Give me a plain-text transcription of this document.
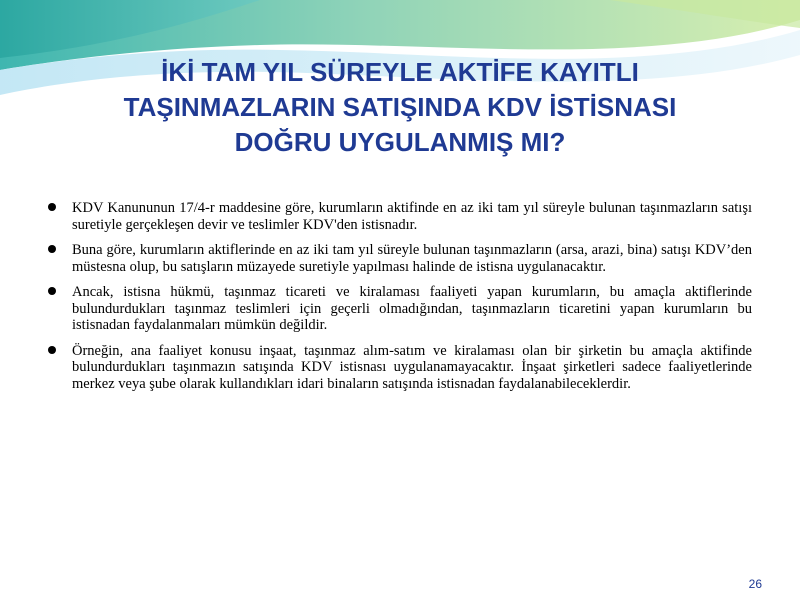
İKİ TAM YIL SÜREYLE AKTİFE KAYITLI
TAŞINMAZLARIN SATIŞINDA KDV İSTİSNASI
DOĞRU UYGULANMIŞ MI?
KDV Kanununun 17/4-r maddesine göre, kurumların aktifinde en az iki tam yıl süreyle bulunan taşınmazların satışı suretiyle gerçekleşen devir ve teslimler KDV'den istisnadır.
Buna göre, kurumların aktiflerinde en az iki tam yıl süreyle bulunan taşınmazların (arsa, arazi, bina) satışı KDV’den müstesna olup, bu satışların müzayede suretiyle yapılması halinde de istisna uygulanacaktır.
Ancak, istisna hükmü, taşınmaz ticareti ve kiralaması faaliyeti yapan kurumların, bu amaçla aktiflerinde bulundurdukları taşınmaz teslimleri için geçerli olmadığından, taşınmazların ticaretini yapan kurumların bu istisnadan faydalanmaları mümkün değildir.
Örneğin, ana faaliyet konusu inşaat, taşınmaz alım-satım ve kiralaması olan bir şirketin bu amaçla aktifinde bulundurdukları taşınmazın satışında KDV istisnası uygulanamayacaktır. İnşaat şirketleri sadece faaliyetlerinde merkez veya şube olarak kullandıkları idari binaların satışında istisnadan faydalanabileceklerdir.
26
